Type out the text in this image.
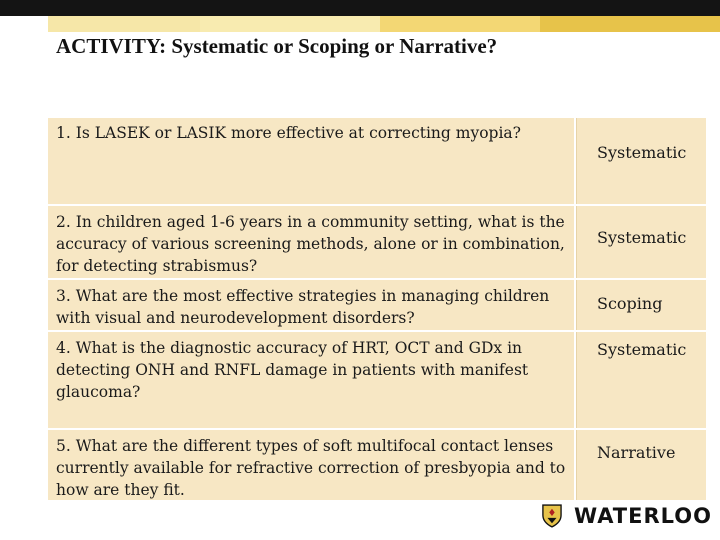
ACTIVITY: Systematic or Scoping or Narrative?
1. Is LASEK or LASIK more effective at correcting myopia?
Systematic
2. In children aged 1-6 years in a community setting, what is the accuracy of various screening methods, alone or in combination, for detecting strabismus?
Systematic
3. What are the most effective strategies in managing children with visual and neurodevelopment disorders?
Scoping
4. What is the diagnostic accuracy of HRT, OCT and GDx in detecting ONH and RNFL damage in patients with manifest glaucoma?
Systematic
5. What are the different types of soft multifocal contact lenses currently available for refractive correction of presbyopia and to how are they fit.
Narrative
WATERLOO
